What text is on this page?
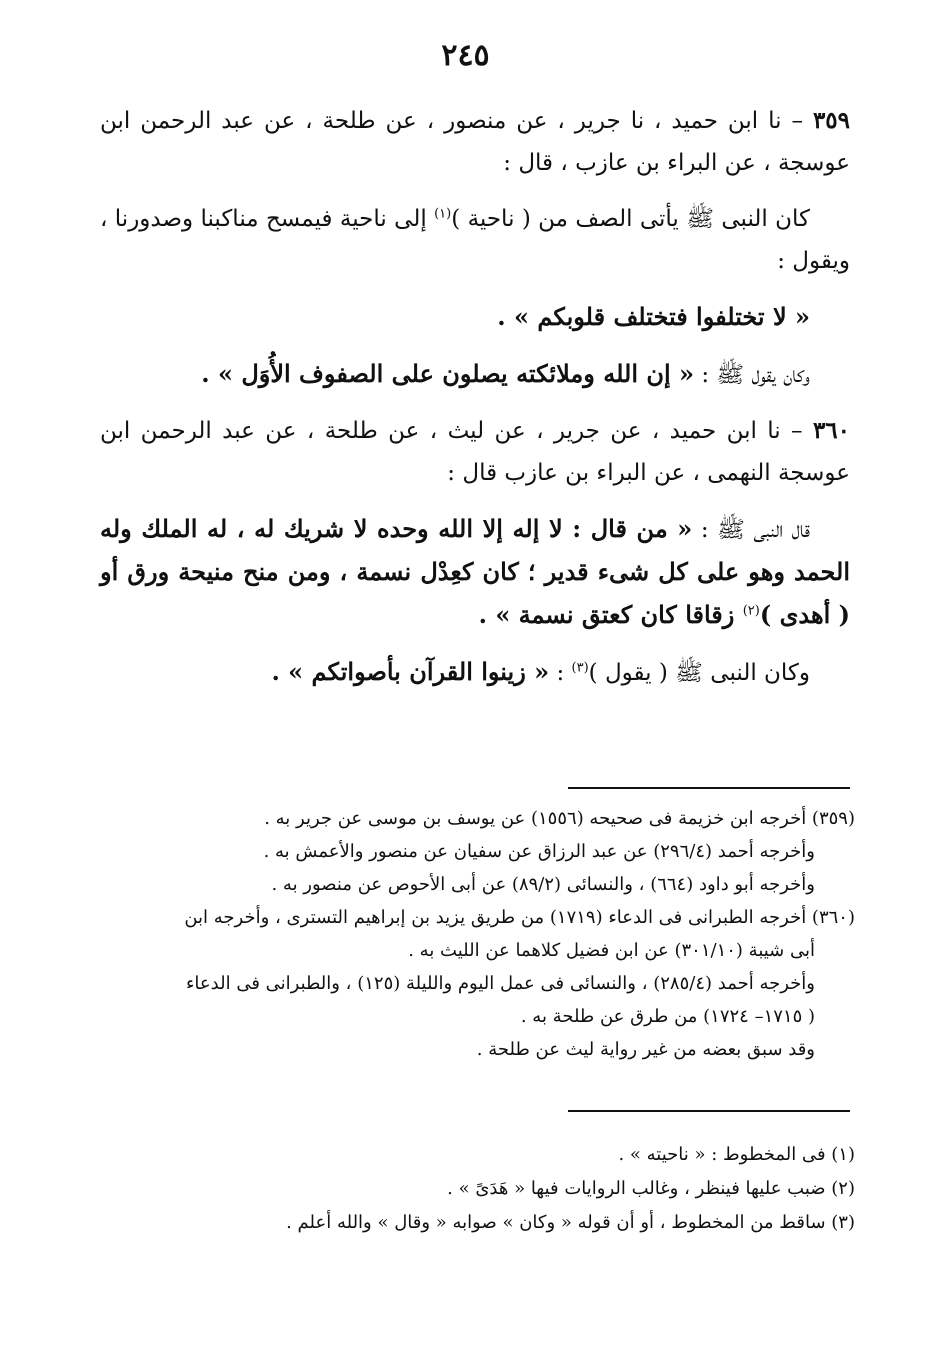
٢٤٥

٣٥٩ – نا ابن حميد ، نا جرير ، عن منصور ، عن طلحة ، عن عبد الرحمن ابن عوسجة ، عن البراء بن عازب ، قال :

كان النبى ﷺ يأتى الصف من ( ناحية )$^{(١)}$ إلى ناحية فيمسح مناكبنا وصدورنا ، ويقول :

« لا تختلفوا فتختلف قلوبكم » .

وكان يقول ﷺ : « إن الله وملائكته يصلون على الصفوف الأُوَل » .

٣٦٠ – نا ابن حميد ، عن جرير ، عن ليث ، عن طلحة ، عن عبد الرحمن ابن عوسجة النهمى ، عن البراء بن عازب قال :

قال النبى ﷺ : « من قال : لا إله إلا الله وحده لا شريك له ، له الملك وله الحمد وهو على كل شىء قدير ؛ كان كعِدْل نسمة ، ومن منح منيحة ورق أو ( أهدى )$^{(٢)}$ زقاقا كان كعتق نسمة » .

وكان النبى ﷺ ( يقول )$^{(٣)}$ : « زينوا القرآن بأصواتكم » .

(٣٥٩) أخرجه ابن خزيمة فى صحيحه (١٥٥٦) عن يوسف بن موسى عن جرير به .
وأخرجه أحمد (٢٩٦/٤) عن عبد الرزاق عن سفيان عن منصور والأعمش به .
وأخرجه أبو داود (٦٦٤) ، والنسائى (٨٩/٢) عن أبى الأحوص عن منصور به .
(٣٦٠) أخرجه الطبرانى فى الدعاء (١٧١٩) من طريق يزيد بن إبراهيم التسترى ، وأخرجه ابن
أبى شيبة (٣٠١/١٠) عن ابن فضيل كلاهما عن الليث به .
وأخرجه أحمد (٢٨٥/٤) ، والنسائى فى عمل اليوم والليلة (١٢٥) ، والطبرانى فى الدعاء
( ١٧١٥– ١٧٢٤) من طرق عن طلحة به .
وقد سبق بعضه من غير رواية ليث عن طلحة .
(١) فى المخطوط : « ناحيته » .
(٢) ضبب عليها فينظر ، وغالب الروايات فيها « هَدَىً » .
(٣) ساقط من المخطوط ، أو أن قوله « وكان » صوابه « وقال » والله أعلم .
